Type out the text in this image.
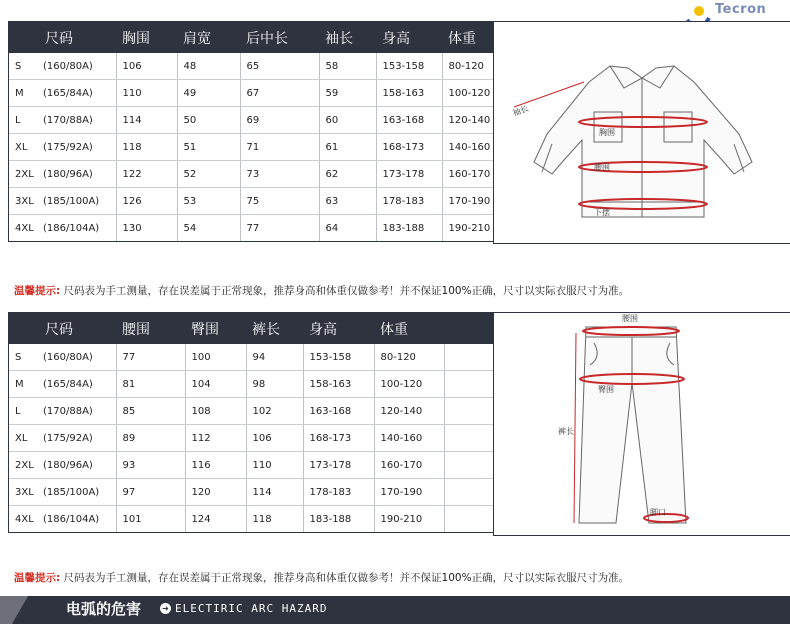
Tecron
尺码	胸围	肩宽	后中长	袖长	身高	体重
S (160/80A)	106	48	65	58	153-158	80-120
M (165/84A)	110	49	67	59	158-163	100-120
L (170/88A)	114	50	69	60	163-168	120-140
XL (175/92A)	118	51	71	61	168-173	140-160
2XL (180/96A)	122	52	73	62	173-178	160-170
3XL (185/100A)	126	53	75	63	178-183	170-190
4XL (186/104A)	130	54	77	64	183-188	190-210
袖长
胸围
腰围
下摆
温馨提示: 尺码表为手工测量，存在误差属于正常现象，推荐身高和体重仅做参考！并不保证100%正确，尺寸以实际衣服尺寸为准。
尺码	腰围	臀围	裤长	身高	体重	
S (160/80A)	77	100	94	153-158	80-120	
M (165/84A)	81	104	98	158-163	100-120	
L (170/88A)	85	108	102	163-168	120-140	
XL (175/92A)	89	112	106	168-173	140-160	
2XL (180/96A)	93	116	110	173-178	160-170	
3XL (185/100A)	97	120	114	178-183	170-190	
4XL (186/104A)	101	124	118	183-188	190-210	
腰围
臀围
裤长
脚口
温馨提示: 尺码表为手工测量，存在误差属于正常现象，推荐身高和体重仅做参考！并不保证100%正确，尺寸以实际衣服尺寸为准。
电弧的危害	➜ ELECTIRIC ARC HAZARD
